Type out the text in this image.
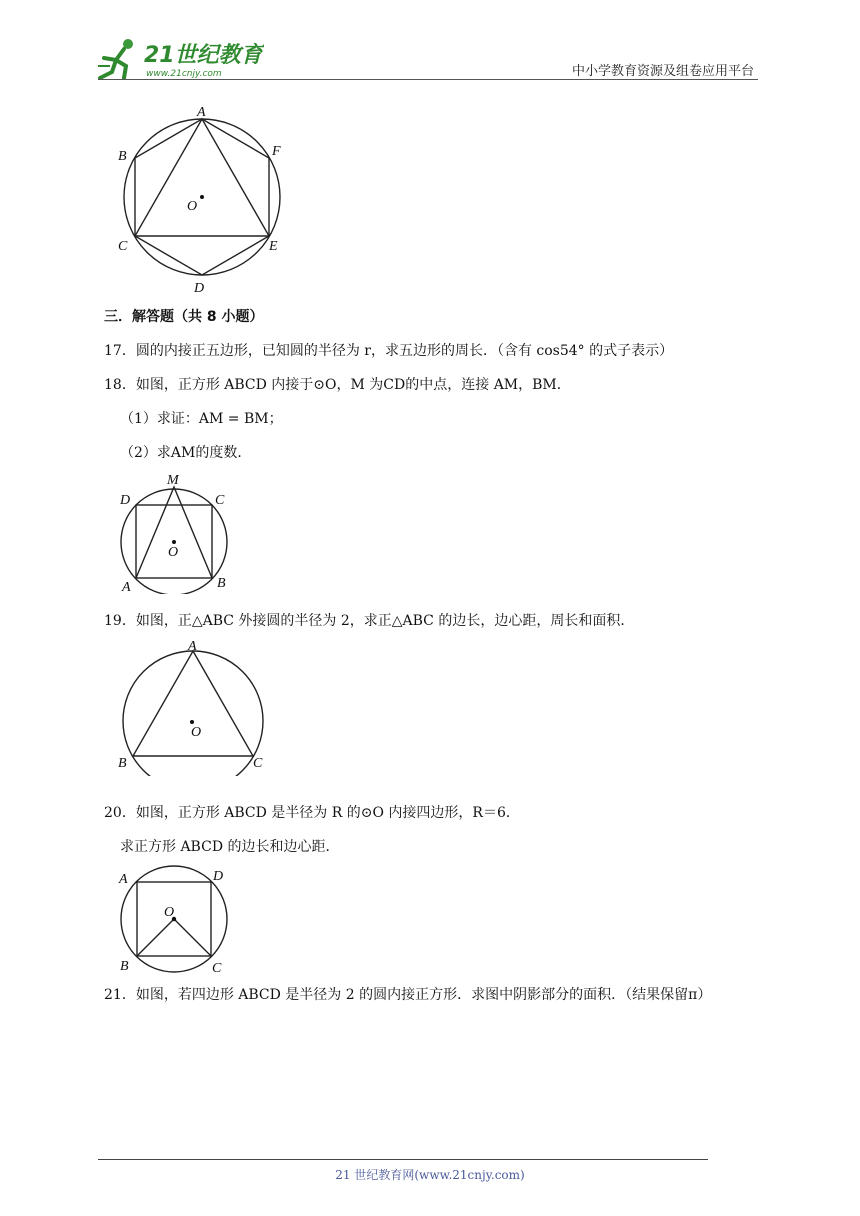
21世纪教育
www.21cnjy.com	中小学教育资源及组卷应用平台
A
B	F
O
C	E
D
三．解答题（共 8 小题）
17．圆的内接正五边形，已知圆的半径为 r，求五边形的周长．（含有 cos54° 的式子表示）
18．如图，正方形 ABCD 内接于⊙O，M 为CD的中点，连接 AM，BM．
（1）求证：AM = BM；
（2）求AM的度数．
M
D	C
O
A	B
19．如图，正△ABC 外接圆的半径为 2，求正△ABC 的边长，边心距，周长和面积．
A
O
B	C
20．如图，正方形 ABCD 是半径为 R 的⊙O 内接四边形，R＝6．
求正方形 ABCD 的边长和边心距．
A	D
O
B	C
21．如图，若四边形 ABCD 是半径为 2 的圆内接正方形．求图中阴影部分的面积．（结果保留π）
21 世纪教育网(www.21cnjy.com)
